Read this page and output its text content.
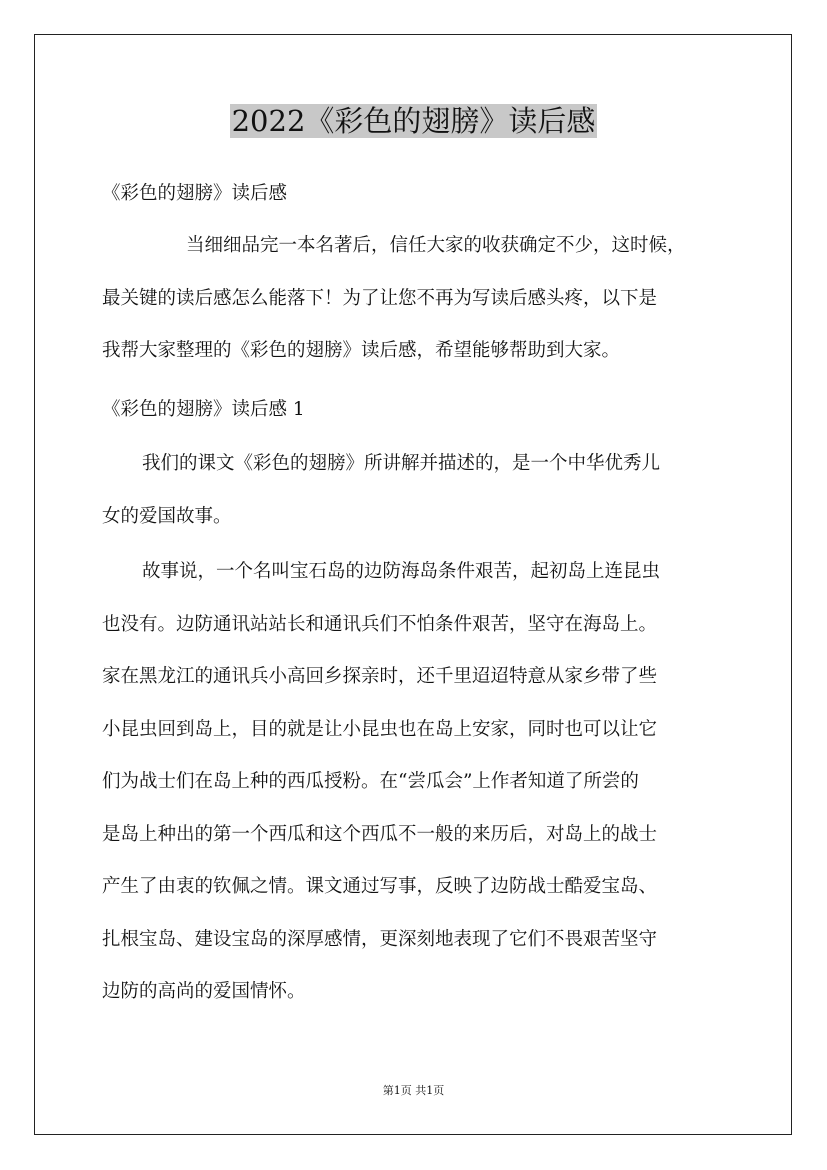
2022《彩色的翅膀》读后感

《彩色的翅膀》读后感

当细细品完一本名著后，信任大家的收获确定不少，这时候，
最关键的读后感怎么能落下！为了让您不再为写读后感头疼，以下是
我帮大家整理的《彩色的翅膀》读后感，希望能够帮助到大家。

《彩色的翅膀》读后感 1

我们的课文《彩色的翅膀》所讲解并描述的，是一个中华优秀儿
女的爱国故事。

故事说，一个名叫宝石岛的边防海岛条件艰苦，起初岛上连昆虫
也没有。边防通讯站站长和通讯兵们不怕条件艰苦，坚守在海岛上。
家在黑龙江的通讯兵小高回乡探亲时，还千里迢迢特意从家乡带了些
小昆虫回到岛上，目的就是让小昆虫也在岛上安家，同时也可以让它
们为战士们在岛上种的西瓜授粉。在“尝瓜会”上作者知道了所尝的
是岛上种出的第一个西瓜和这个西瓜不一般的来历后，对岛上的战士
产生了由衷的钦佩之情。课文通过写事，反映了边防战士酷爱宝岛、
扎根宝岛、建设宝岛的深厚感情，更深刻地表现了它们不畏艰苦坚守
边防的高尚的爱国情怀。

第1页 共1页
